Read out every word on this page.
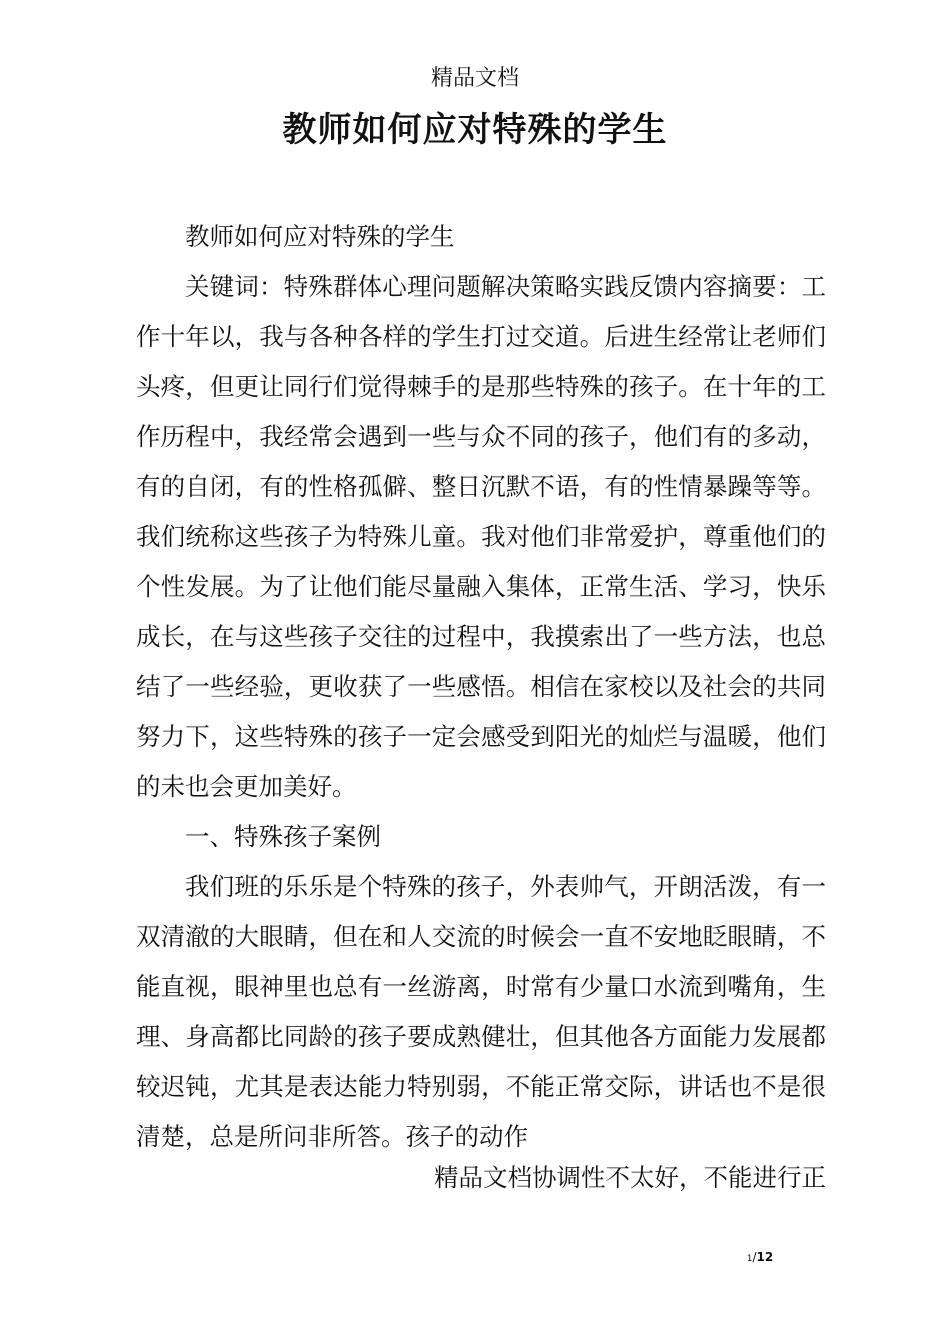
精品文档
教师如何应对特殊的学生

教师如何应对特殊的学生

关键词：特殊群体心理问题解决策略实践反馈内容摘要：工作十年以，我与各种各样的学生打过交道。后进生经常让老师们头疼，但更让同行们觉得棘手的是那些特殊的孩子。在十年的工作历程中，我经常会遇到一些与众不同的孩子，他们有的多动，有的自闭，有的性格孤僻、整日沉默不语，有的性情暴躁等等。我们统称这些孩子为特殊儿童。我对他们非常爱护，尊重他们的个性发展。为了让他们能尽量融入集体，正常生活、学习，快乐成长，在与这些孩子交往的过程中，我摸索出了一些方法，也总结了一些经验，更收获了一些感悟。相信在家校以及社会的共同努力下，这些特殊的孩子一定会感受到阳光的灿烂与温暖，他们的未也会更加美好。

一、特殊孩子案例

我们班的乐乐是个特殊的孩子，外表帅气，开朗活泼，有一双清澈的大眼睛，但在和人交流的时候会一直不安地眨眼睛，不能直视，眼神里也总有一丝游离，时常有少量口水流到嘴角，生理、身高都比同龄的孩子要成熟健壮，但其他各方面能力发展都较迟钝，尤其是表达能力特别弱，不能正常交际，讲话也不是很清楚，总是所问非所答。孩子的动作

精品文档协调性不太好，不能进行正
1/12
